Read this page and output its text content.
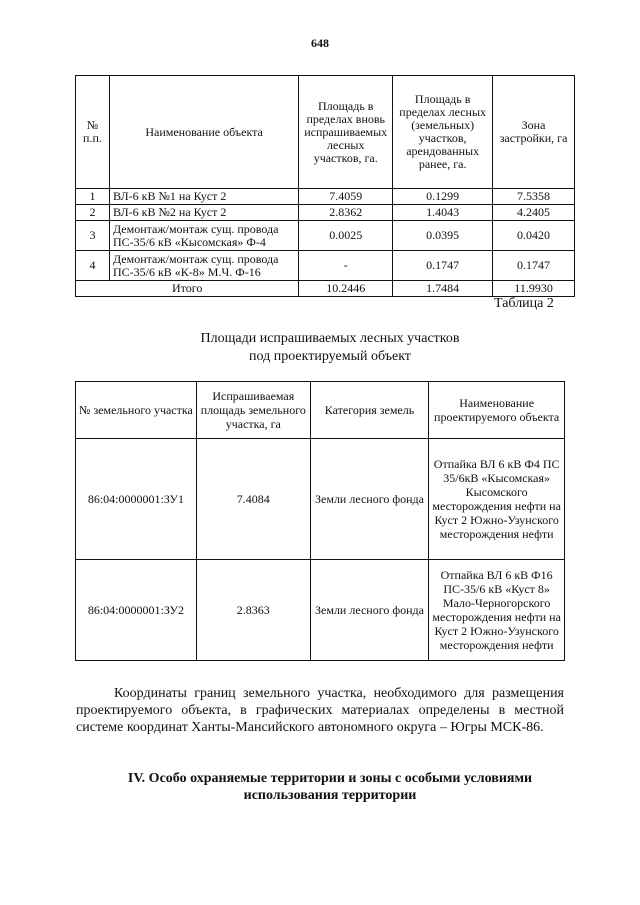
648
№ п.п.	Наименование объекта	Площадь в пределах вновь испрашиваемых лесных участков, га.	Площадь в пределах лесных (земельных) участков, арендованных ранее, га.	Зона застройки, га
1	ВЛ-6 кВ №1 на Куст 2	7.4059	0.1299	7.5358
2	ВЛ-6 кВ №2 на Куст 2	2.8362	1.4043	4.2405
3	Демонтаж/монтаж сущ. провода ПС-35/6 кВ «Кысомская» Ф-4	0.0025	0.0395	0.0420
4	Демонтаж/монтаж сущ. провода ПС-35/6 кВ «К-8» М.Ч. Ф-16	-	0.1747	0.1747
Итого		10.2446	1.7484	11.9930
Таблица 2
Площади испрашиваемых лесных участков
под проектируемый объект
№ земельного участка	Испрашиваемая площадь земельного участка, га	Категория земель	Наименование проектируемого объекта
86:04:0000001:ЗУ1	7.4084	Земли лесного фонда	Отпайка ВЛ 6 кВ Ф4 ПС 35/6кВ «Кысомская» Кысомского месторождения нефти на Куст 2 Южно-Узунского месторождения нефти
86:04:0000001:ЗУ2	2.8363	Земли лесного фонда	Отпайка ВЛ 6 кВ Ф16 ПС-35/6 кВ «Куст 8» Мало-Черногорского месторождения нефти на Куст 2 Южно-Узунского месторождения нефти

Координаты границ земельного участка, необходимого для размещения проектируемого объекта, в графических материалах определены в местной системе координат Ханты-Мансийского автономного округа – Югры МСК-86.

IV. Особо охраняемые территории и зоны с особыми условиями использования территории
